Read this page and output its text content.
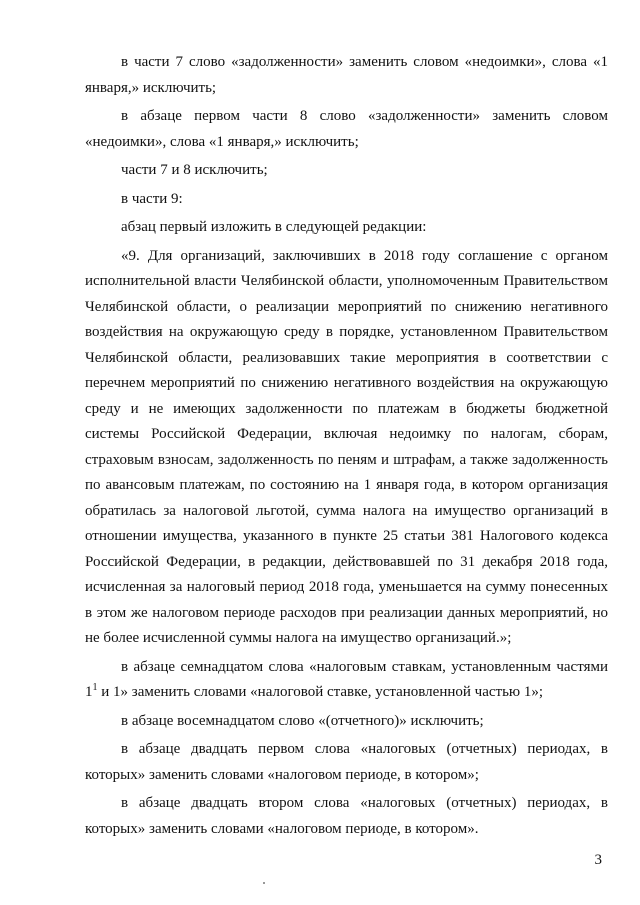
в части 7 слово «задолженности» заменить словом «недоимки», слова «1 января,» исключить;

в абзаце первом части 8 слово «задолженности» заменить словом «недоимки», слова «1 января,» исключить;

части 7 и 8 исключить;

в части 9:

абзац первый изложить в следующей редакции:

«9. Для организаций, заключивших в 2018 году соглашение с органом исполнительной власти Челябинской области, уполномоченным Правительством Челябинской области, о реализации мероприятий по снижению негативного воздействия на окружающую среду в порядке, установленном Правительством Челябинской области, реализовавших такие мероприятия в соответствии с перечнем мероприятий по снижению негативного воздействия на окружающую среду и не имеющих задолженности по платежам в бюджеты бюджетной системы Российской Федерации, включая недоимку по налогам, сборам, страховым взносам, задолженность по пеням и штрафам, а также задолженность по авансовым платежам, по состоянию на 1 января года, в котором организация обратилась за налоговой льготой, сумма налога на имущество организаций в отношении имущества, указанного в пункте 25 статьи 381 Налогового кодекса Российской Федерации, в редакции, действовавшей по 31 декабря 2018 года, исчисленная за налоговый период 2018 года, уменьшается на сумму понесенных в этом же налоговом периоде расходов при реализации данных мероприятий, но не более исчисленной суммы налога на имущество организаций.»;

в абзаце семнадцатом слова «налоговым ставкам, установленным частями $1^1$ и 1» заменить словами «налоговой ставке, установленной частью 1»;

в абзаце восемнадцатом слово «(отчетного)» исключить;

в абзаце двадцать первом слова «налоговых (отчетных) периодах, в которых» заменить словами «налоговом периоде, в котором»;

в абзаце двадцать втором слова «налоговых (отчетных) периодах, в которых» заменить словами «налоговом периоде, в котором».

3
